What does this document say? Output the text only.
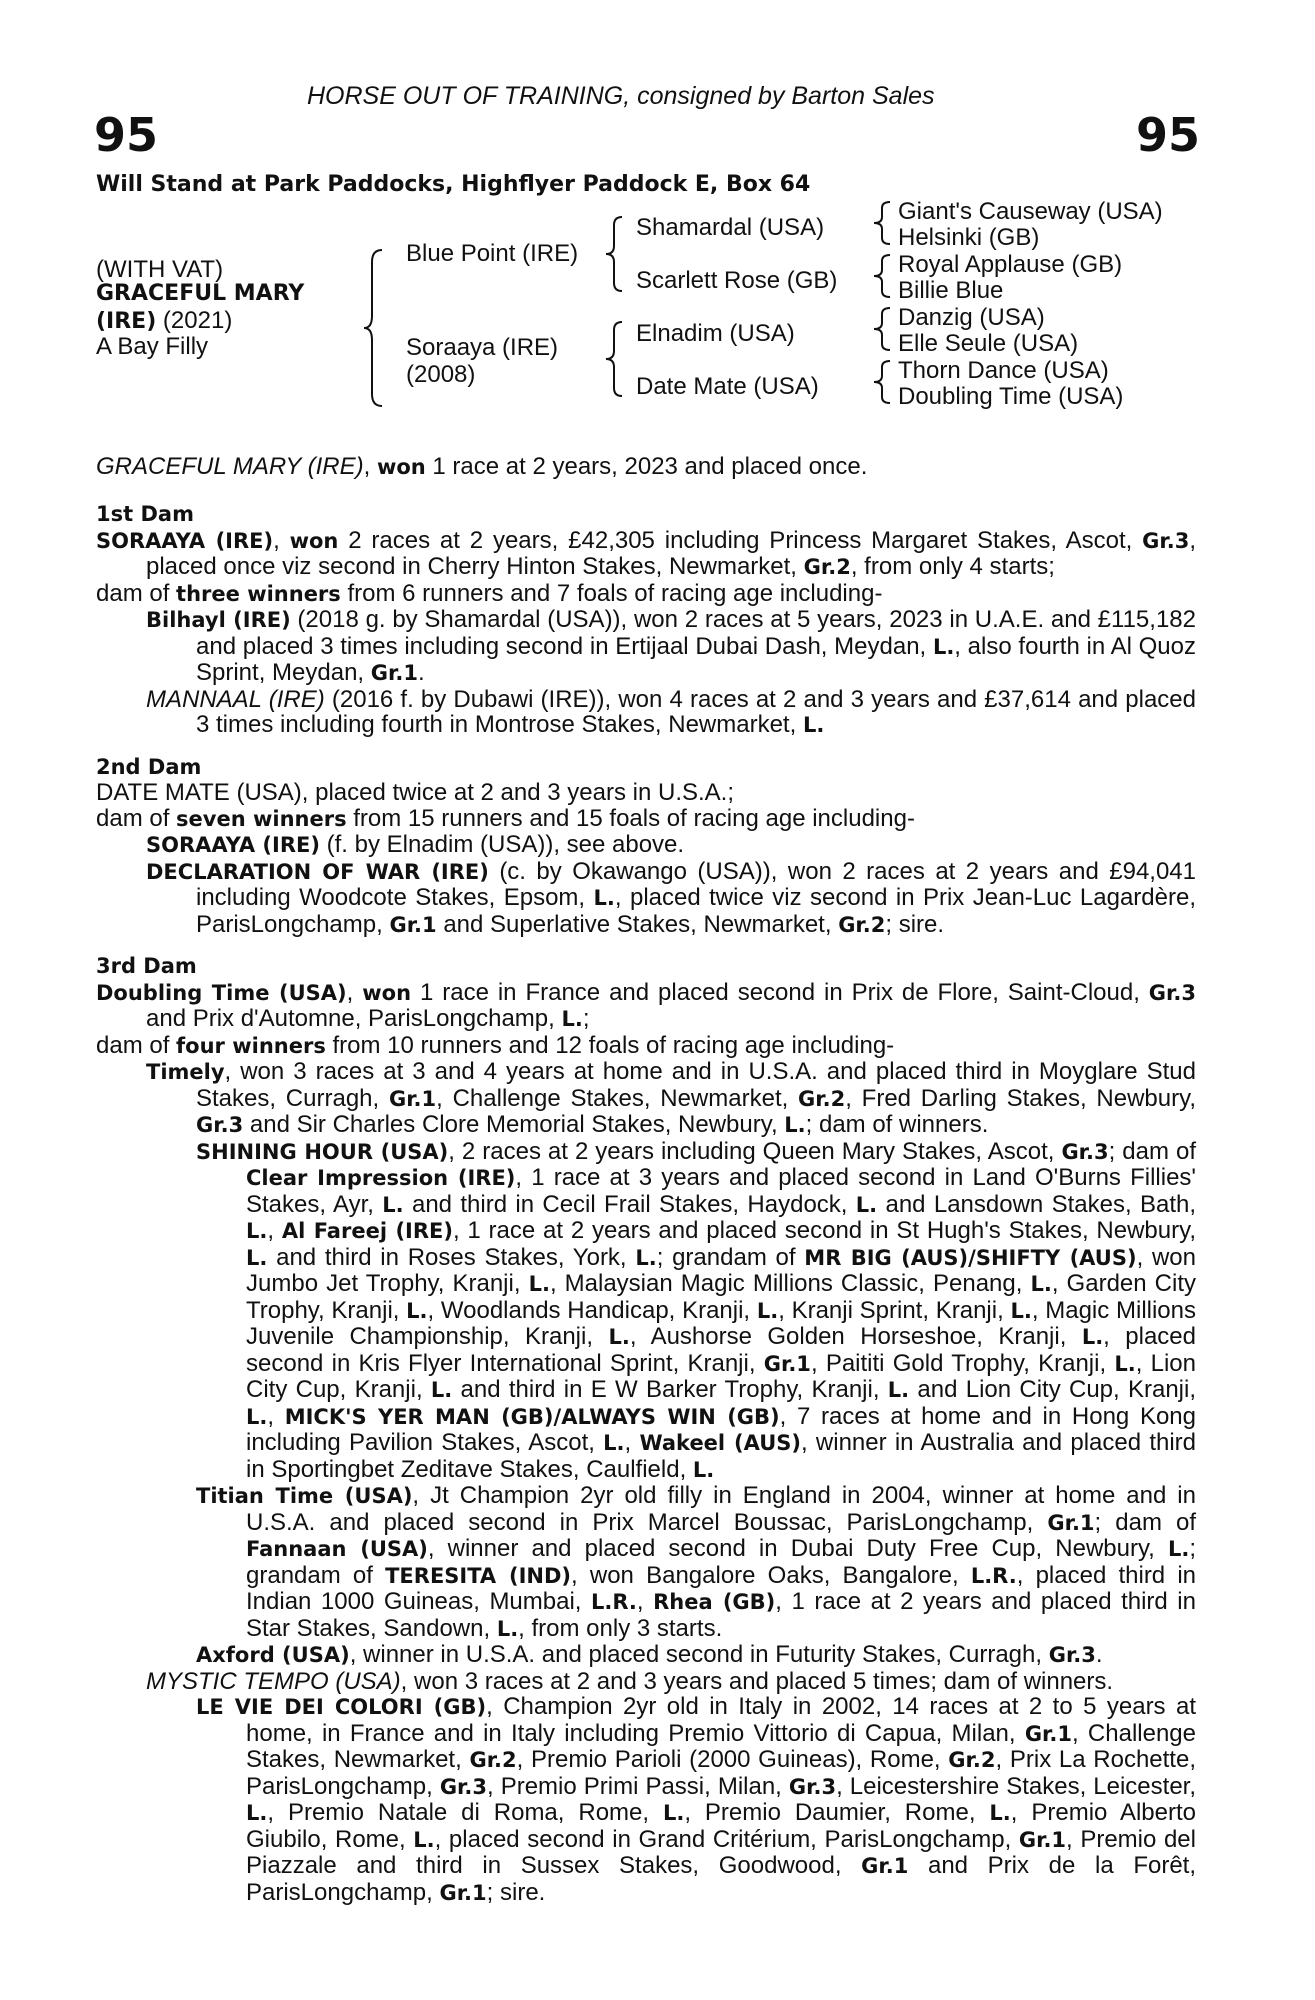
HORSE OUT OF TRAINING, consigned by Barton Sales
95	95
Will Stand at Park Paddocks, Highflyer Paddock E, Box 64
(WITH VAT)
GRACEFUL MARY
(IRE) (2021)
A Bay Filly
Blue Point (IRE)
Soraaya (IRE)
(2008)
Shamardal (USA)
Scarlett Rose (GB)
Elnadim (USA)
Date Mate (USA)
Giant's Causeway (USA)
Helsinki (GB)
Royal Applause (GB)
Billie Blue
Danzig (USA)
Elle Seule (USA)
Thorn Dance (USA)
Doubling Time (USA)
GRACEFUL MARY (IRE), won 1 race at 2 years, 2023 and placed once.
1st Dam
SORAAYA (IRE), won 2 races at 2 years, £42,305 including Princess Margaret Stakes, Ascot, Gr.3, placed once viz second in Cherry Hinton Stakes, Newmarket, Gr.2, from only 4 starts;
dam of three winners from 6 runners and 7 foals of racing age including-
Bilhayl (IRE) (2018 g. by Shamardal (USA)), won 2 races at 5 years, 2023 in U.A.E. and £115,182 and placed 3 times including second in Ertijaal Dubai Dash, Meydan, L., also fourth in Al Quoz Sprint, Meydan, Gr.1.
MANNAAL (IRE) (2016 f. by Dubawi (IRE)), won 4 races at 2 and 3 years and £37,614 and placed 3 times including fourth in Montrose Stakes, Newmarket, L.
2nd Dam
DATE MATE (USA), placed twice at 2 and 3 years in U.S.A.;
dam of seven winners from 15 runners and 15 foals of racing age including-
SORAAYA (IRE) (f. by Elnadim (USA)), see above.
DECLARATION OF WAR (IRE) (c. by Okawango (USA)), won 2 races at 2 years and £94,041 including Woodcote Stakes, Epsom, L., placed twice viz second in Prix Jean-Luc Lagardère, ParisLongchamp, Gr.1 and Superlative Stakes, Newmarket, Gr.2; sire.
3rd Dam
Doubling Time (USA), won 1 race in France and placed second in Prix de Flore, Saint-Cloud, Gr.3 and Prix d'Automne, ParisLongchamp, L.;
dam of four winners from 10 runners and 12 foals of racing age including-
Timely, won 3 races at 3 and 4 years at home and in U.S.A. and placed third in Moyglare Stud Stakes, Curragh, Gr.1, Challenge Stakes, Newmarket, Gr.2, Fred Darling Stakes, Newbury, Gr.3 and Sir Charles Clore Memorial Stakes, Newbury, L.; dam of winners.
SHINING HOUR (USA), 2 races at 2 years including Queen Mary Stakes, Ascot, Gr.3; dam of Clear Impression (IRE), 1 race at 3 years and placed second in Land O'Burns Fillies' Stakes, Ayr, L. and third in Cecil Frail Stakes, Haydock, L. and Lansdown Stakes, Bath, L., Al Fareej (IRE), 1 race at 2 years and placed second in St Hugh's Stakes, Newbury, L. and third in Roses Stakes, York, L.; grandam of MR BIG (AUS)/SHIFTY (AUS), won Jumbo Jet Trophy, Kranji, L., Malaysian Magic Millions Classic, Penang, L., Garden City Trophy, Kranji, L., Woodlands Handicap, Kranji, L., Kranji Sprint, Kranji, L., Magic Millions Juvenile Championship, Kranji, L., Aushorse Golden Horseshoe, Kranji, L., placed second in Kris Flyer International Sprint, Kranji, Gr.1, Paititi Gold Trophy, Kranji, L., Lion City Cup, Kranji, L. and third in E W Barker Trophy, Kranji, L. and Lion City Cup, Kranji, L., MICK'S YER MAN (GB)/ALWAYS WIN (GB), 7 races at home and in Hong Kong including Pavilion Stakes, Ascot, L., Wakeel (AUS), winner in Australia and placed third in Sportingbet Zeditave Stakes, Caulfield, L.
Titian Time (USA), Jt Champion 2yr old filly in England in 2004, winner at home and in U.S.A. and placed second in Prix Marcel Boussac, ParisLongchamp, Gr.1; dam of Fannaan (USA), winner and placed second in Dubai Duty Free Cup, Newbury, L.; grandam of TERESITA (IND), won Bangalore Oaks, Bangalore, L.R., placed third in Indian 1000 Guineas, Mumbai, L.R., Rhea (GB), 1 race at 2 years and placed third in Star Stakes, Sandown, L., from only 3 starts.
Axford (USA), winner in U.S.A. and placed second in Futurity Stakes, Curragh, Gr.3.
MYSTIC TEMPO (USA), won 3 races at 2 and 3 years and placed 5 times; dam of winners.
LE VIE DEI COLORI (GB), Champion 2yr old in Italy in 2002, 14 races at 2 to 5 years at home, in France and in Italy including Premio Vittorio di Capua, Milan, Gr.1, Challenge Stakes, Newmarket, Gr.2, Premio Parioli (2000 Guineas), Rome, Gr.2, Prix La Rochette, ParisLongchamp, Gr.3, Premio Primi Passi, Milan, Gr.3, Leicestershire Stakes, Leicester, L., Premio Natale di Roma, Rome, L., Premio Daumier, Rome, L., Premio Alberto Giubilo, Rome, L., placed second in Grand Critérium, ParisLongchamp, Gr.1, Premio del Piazzale and third in Sussex Stakes, Goodwood, Gr.1 and Prix de la Forêt, ParisLongchamp, Gr.1; sire.
